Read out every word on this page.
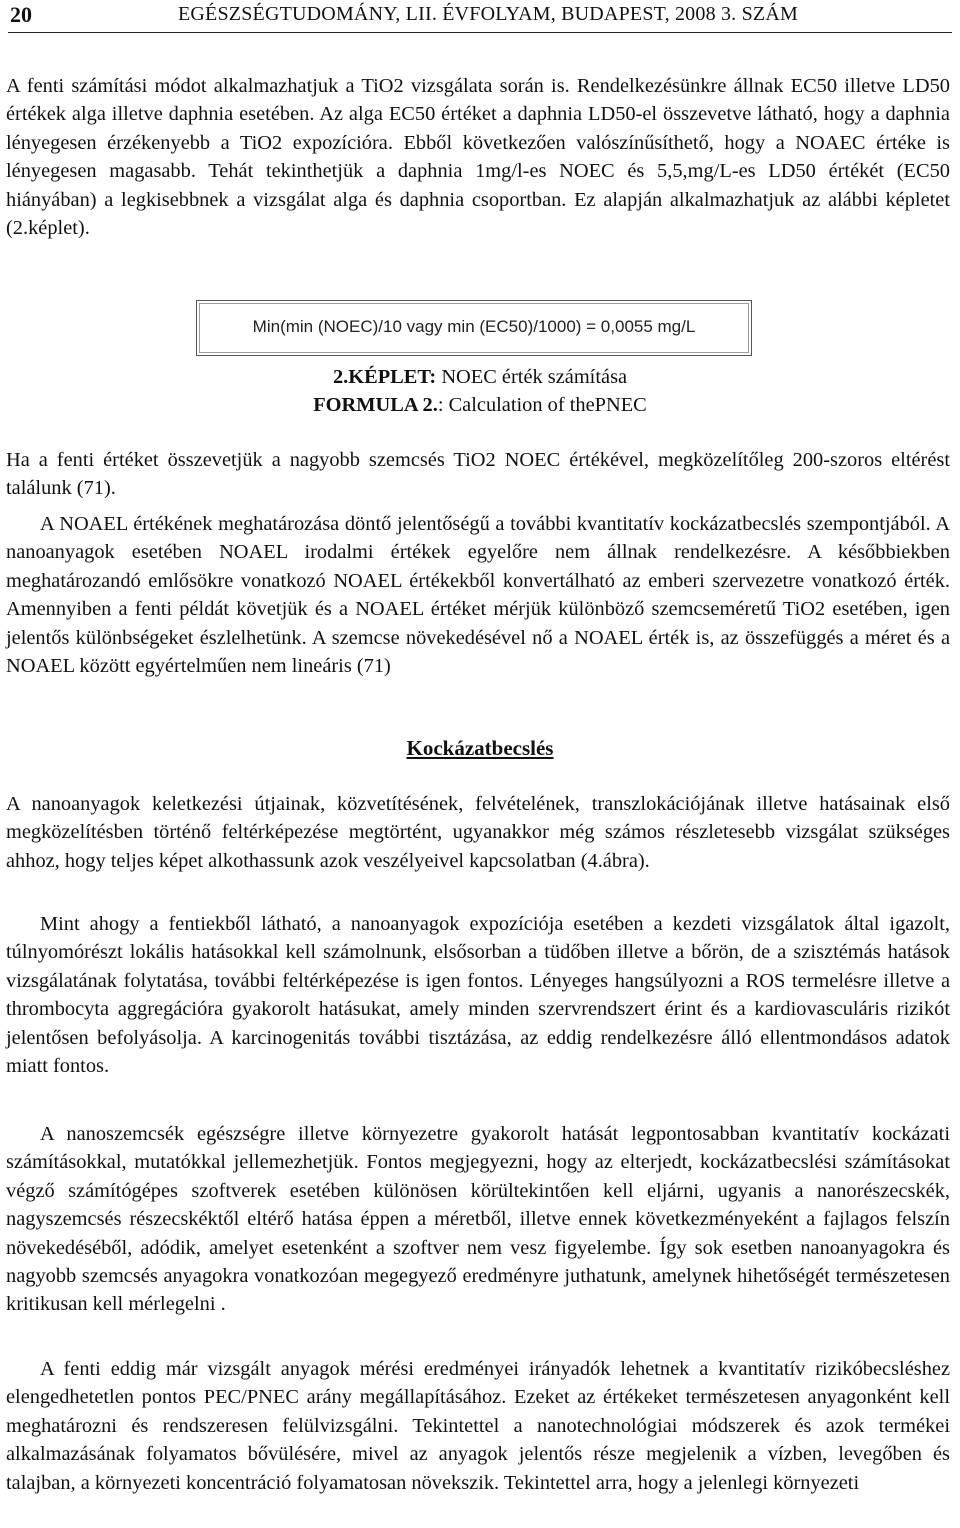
20	EGÉSZSÉGTUDOMÁNY, LII. ÉVFOLYAM, BUDAPEST, 2008 3. SZÁM

A fenti számítási módot alkalmazhatjuk a TiO2 vizsgálata során is. Rendelkezésünkre állnak EC50 illetve LD50 értékek alga illetve daphnia esetében. Az alga EC50 értéket a daphnia LD50-el összevetve látható, hogy a daphnia lényegesen érzékenyebb a TiO2 expozícióra. Ebből következően valószínűsíthető, hogy a NOAEC értéke is lényegesen magasabb. Tehát tekinthetjük a daphnia 1mg/l-es NOEC és 5,5,mg/L-es LD50 értékét (EC50 hiányában) a legkisebbnek a vizsgálat alga és daphnia csoportban. Ez alapján alkalmazhatjuk az alábbi képletet (2.képlet).

Min(min (NOEC)/10 vagy min (EC50)/1000) = 0,0055 mg/L
2.KÉPLET: NOEC érték számítása
FORMULA 2.: Calculation of thePNEC

Ha a fenti értéket összevetjük a nagyobb szemcsés TiO2 NOEC értékével, megközelítőleg 200-szoros eltérést találunk (71).

A NOAEL értékének meghatározása döntő jelentőségű a további kvantitatív kockázatbecslés szempontjából. A nanoanyagok esetében NOAEL irodalmi értékek egyelőre nem állnak rendelkezésre. A későbbiekben meghatározandó emlősökre vonatkozó NOAEL értékekből konvertálható az emberi szervezetre vonatkozó érték. Amennyiben a fenti példát követjük és a NOAEL értéket mérjük különböző szemcseméretű TiO2 esetében, igen jelentős különbségeket észlelhetünk. A szemcse növekedésével nő a NOAEL érték is, az összefüggés a méret és a NOAEL között egyértelműen nem lineáris (71)

Kockázatbecslés

A nanoanyagok keletkezési útjainak, közvetítésének, felvételének, transzlokációjának illetve hatásainak első megközelítésben történő feltérképezése megtörtént, ugyanakkor még számos részletesebb vizsgálat szükséges ahhoz, hogy teljes képet alkothassunk azok veszélyeivel kapcsolatban (4.ábra).

Mint ahogy a fentiekből látható, a nanoanyagok expozíciója esetében a kezdeti vizsgálatok által igazolt, túlnyomórészt lokális hatásokkal kell számolnunk, elsősorban a tüdőben illetve a bőrön, de a szisztémás hatások vizsgálatának folytatása, további feltérképezése is igen fontos. Lényeges hangsúlyozni a ROS termelésre illetve a thrombocyta aggregációra gyakorolt hatásukat, amely minden szervrendszert érint és a kardiovasculáris rizikót jelentősen befolyásolja. A karcinogenitás további tisztázása, az eddig rendelkezésre álló ellentmondásos adatok miatt fontos.

A nanoszemcsék egészségre illetve környezetre gyakorolt hatását legpontosabban kvantitatív kockázati számításokkal, mutatókkal jellemezhetjük. Fontos megjegyezni, hogy az elterjedt, kockázatbecslési számításokat végző számítógépes szoftverek esetében különösen körültekintően kell eljárni, ugyanis a nanorészecskék, nagyszemcsés részecskéktől eltérő hatása éppen a méretből, illetve ennek következményeként a fajlagos felszín növekedéséből, adódik, amelyet esetenként a szoftver nem vesz figyelembe. Így sok esetben nanoanyagokra és nagyobb szemcsés anyagokra vonatkozóan megegyező eredményre juthatunk, amelynek hihetőségét természetesen kritikusan kell mérlegelni .

A fenti eddig már vizsgált anyagok mérési eredményei irányadók lehetnek a kvantitatív rizikóbecsléshez elengedhetetlen pontos PEC/PNEC arány megállapításához. Ezeket az értékeket természetesen anyagonként kell meghatározni és rendszeresen felülvizsgálni. Tekintettel a nanotechnológiai módszerek és azok termékei alkalmazásának folyamatos bővülésére, mivel az anyagok jelentős része megjelenik a vízben, levegőben és talajban, a környezeti koncentráció folyamatosan növekszik. Tekintettel arra, hogy a jelenlegi környezeti
